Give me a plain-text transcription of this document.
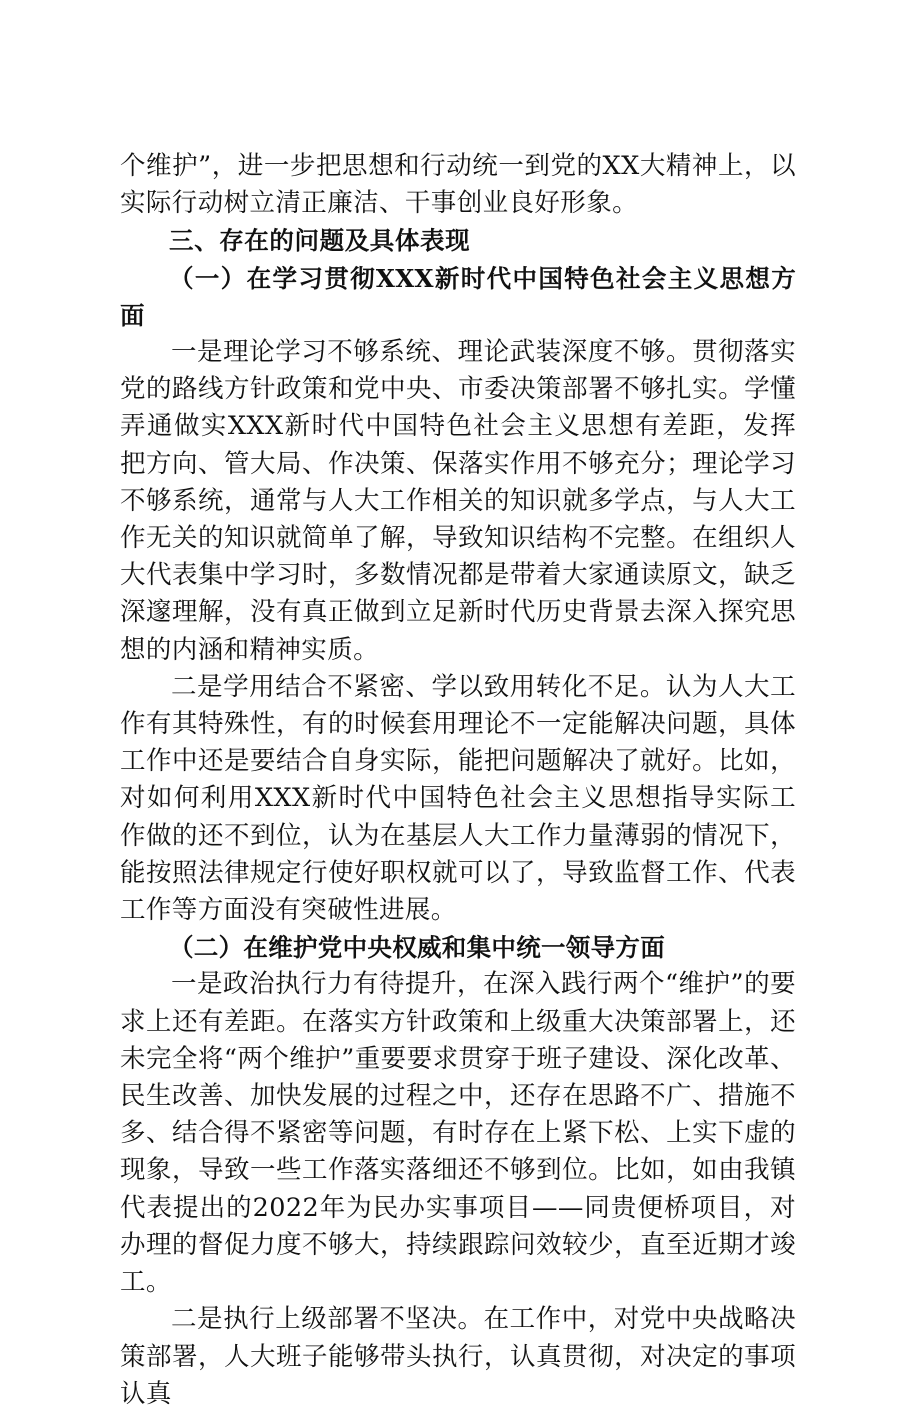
个维护”，进一步把思想和行动统一到党的XX大精神上，以实际行动树立清正廉洁、干事创业良好形象。

三、存在的问题及具体表现

（一）在学习贯彻XXX新时代中国特色社会主义思想方面

一是理论学习不够系统、理论武装深度不够。贯彻落实党的路线方针政策和党中央、市委决策部署不够扎实。学懂弄通做实XXX新时代中国特色社会主义思想有差距，发挥把方向、管大局、作决策、保落实作用不够充分；理论学习不够系统，通常与人大工作相关的知识就多学点，与人大工作无关的知识就简单了解，导致知识结构不完整。在组织人大代表集中学习时，多数情况都是带着大家通读原文，缺乏深邃理解，没有真正做到立足新时代历史背景去深入探究思想的内涵和精神实质。

二是学用结合不紧密、学以致用转化不足。认为人大工作有其特殊性，有的时候套用理论不一定能解决问题，具体工作中还是要结合自身实际，能把问题解决了就好。比如，对如何利用XXX新时代中国特色社会主义思想指导实际工作做的还不到位，认为在基层人大工作力量薄弱的情况下，能按照法律规定行使好职权就可以了，导致监督工作、代表工作等方面没有突破性进展。

（二）在维护党中央权威和集中统一领导方面

一是政治执行力有待提升，在深入践行两个“维护”的要求上还有差距。在落实方针政策和上级重大决策部署上，还未完全将“两个维护”重要要求贯穿于班子建设、深化改革、民生改善、加快发展的过程之中，还存在思路不广、措施不多、结合得不紧密等问题，有时存在上紧下松、上实下虚的现象，导致一些工作落实落细还不够到位。比如，如由我镇代表提出的2022年为民办实事项目——同贵便桥项目，对办理的督促力度不够大，持续跟踪问效较少，直至近期才竣工。

二是执行上级部署不坚决。在工作中，对党中央战略决策部署，人大班子能够带头执行，认真贯彻，对决定的事项认真
